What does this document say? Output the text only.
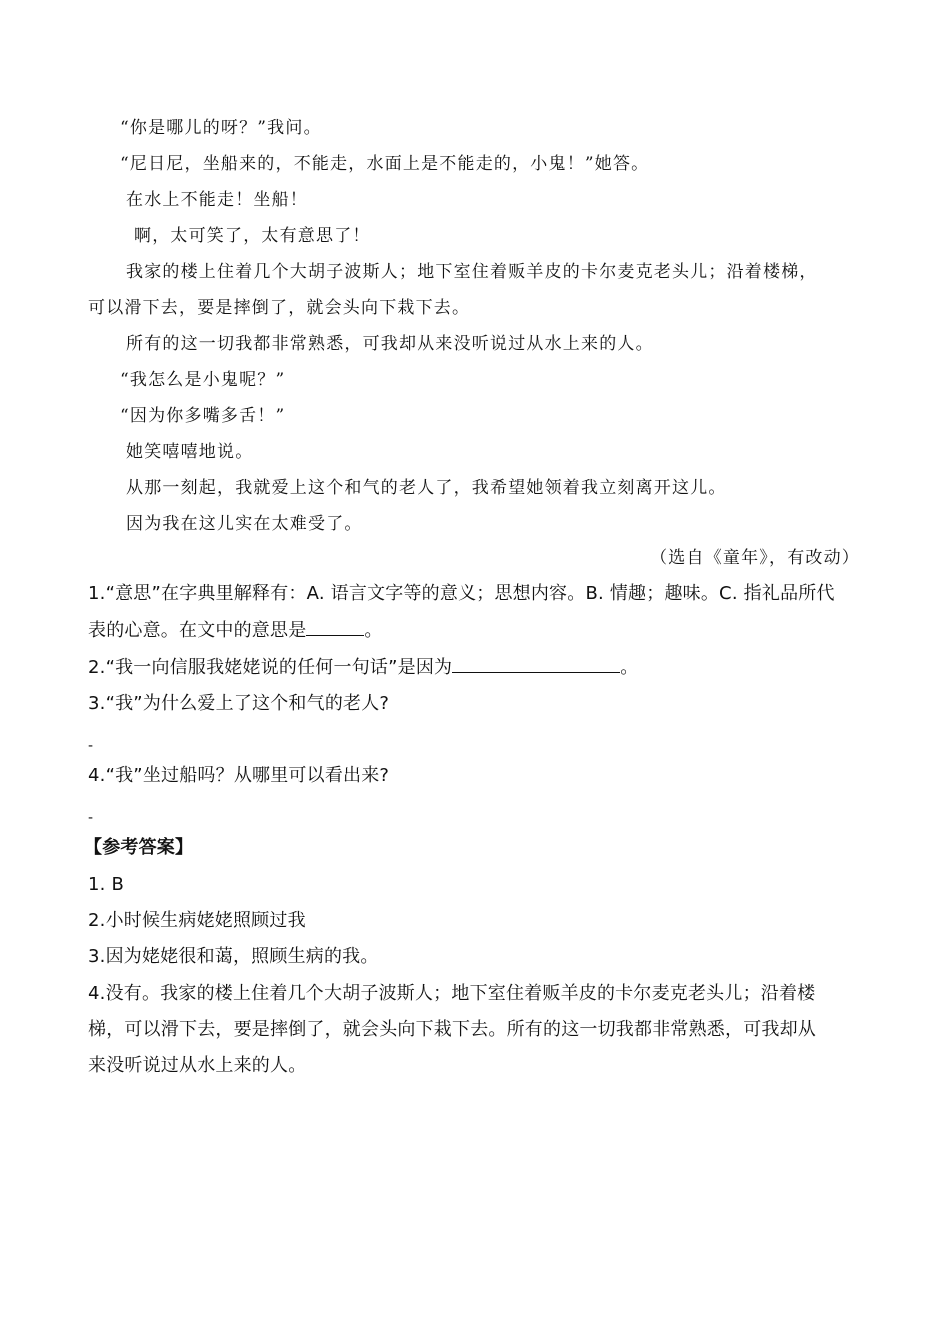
“你是哪儿的呀？”我问。
“尼日尼，坐船来的，不能走，水面上是不能走的，小鬼！”她答。
在水上不能走！坐船！
啊，太可笑了，太有意思了！
我家的楼上住着几个大胡子波斯人；地下室住着贩羊皮的卡尔麦克老头儿；沿着楼梯，
可以滑下去，要是摔倒了，就会头向下栽下去。
所有的这一切我都非常熟悉，可我却从来没听说过从水上来的人。
“我怎么是小鬼呢？”
“因为你多嘴多舌！”
她笑嘻嘻地说。
从那一刻起，我就爱上这个和气的老人了，我希望她领着我立刻离开这儿。
因为我在这儿实在太难受了。
（选自《童年》，有改动）
1.“意思”在字典里解释有：A. 语言文字等的意义；思想内容。B. 情趣；趣味。C. 指礼品所代
表的心意。在文中的意思是	。
2.“我一向信服我姥姥说的任何一句话”是因为	。
3.“我”为什么爱上了这个和气的老人?
-
4.“我”坐过船吗？从哪里可以看出来?
-
【参考答案】
1. B
2.小时候生病姥姥照顾过我
3.因为姥姥很和蔼，照顾生病的我。
4.没有。我家的楼上住着几个大胡子波斯人；地下室住着贩羊皮的卡尔麦克老头儿；沿着楼
梯，可以滑下去，要是摔倒了，就会头向下栽下去。所有的这一切我都非常熟悉，可我却从
来没听说过从水上来的人。
